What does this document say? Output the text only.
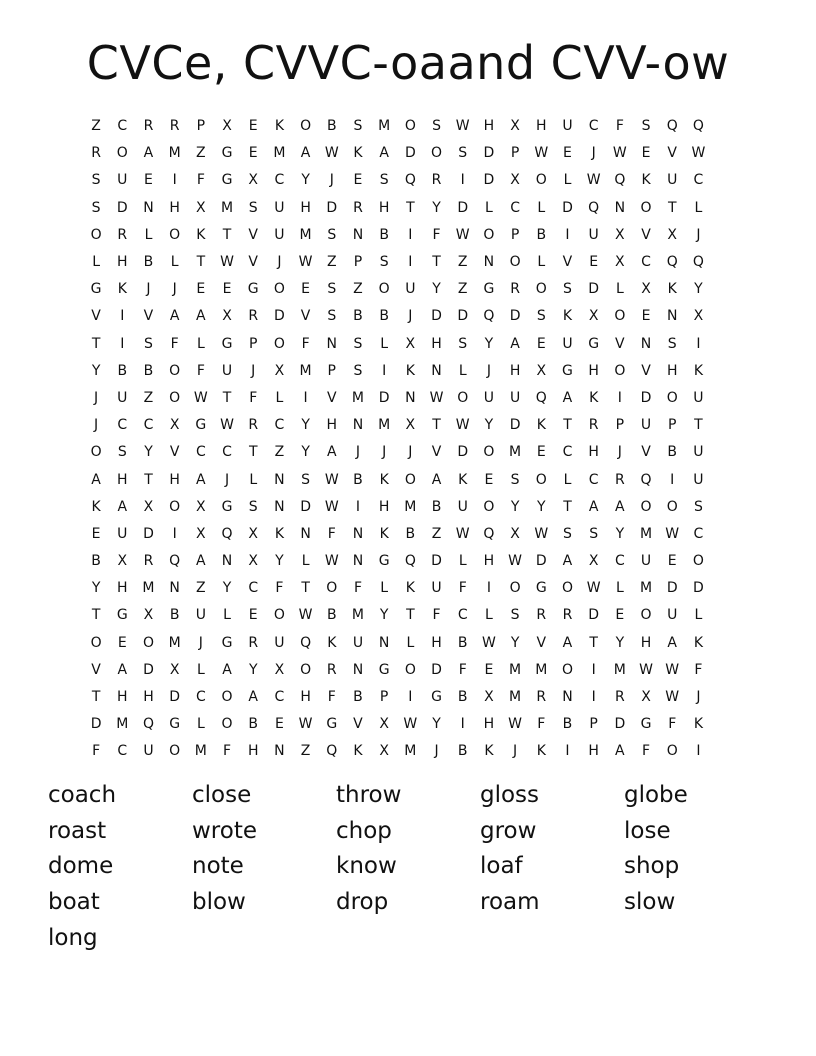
CVCe, CVVC-oaand CVV-ow
Z	C	R	R	P	X	E	K	O	B	S	M	O	S	W	H	X	H	U	C	F	S	Q	Q
R	O	A	M	Z	G	E	M	A	W	K	A	D	O	S	D	P	W	E	J	W	E	V	W
S	U	E	I	F	G	X	C	Y	J	E	S	Q	R	I	D	X	O	L	W Q	K	U	C
S	D	N	H	X	M	S	U	H	D	R	H	T	Y	D	L	C	L	D	Q	N	O	T	L
O	R	L	O	K	T	V	U	M	S	N	B	I	F	W O	P	B	I	U	X	V	X	J
L	H	B	L	T	W	V	J	W	Z	P	S	I	T	Z	N	O	L	V	E	X	C	Q	Q
G	K	J	J	E	E	G	O	E	S	Z	O	U	Y	Z	G	R	O	S	D	L	X	K	Y
V	I	V	A	A	X	R	D	V	S	B	B	J	D	D	Q	D	S	K	X	O	E	N	X
T	I	S	F	L	G	P	O	F	N	S	L	X	H	S	Y	A	E	U	G	V	N	S	I
Y	B	B	O	F	U	J	X	M	P	S	I	K	N	L	J	H	X	G	H	O	V	H	K
J	U	Z	O W	T	F	L	I	V	M	D	N	W O	U	U	Q	A	K	I	D	O	U
J	C	C	X	G W	R	C	Y	H	N	M	X	T	W	Y	D	K	T	R	P	U	P	T
O	S	Y	V	C	C	T	Z	Y	A	J	J	J	V	D	O	M	E	C	H	J	V	B	U
A	H	T	H	A	J	L	N	S	W	B	K	O	A	K	E	S	O	L	C	R	Q	I	U
K	A	X	O	X	G	S	N	D W	I	H	M	B	U	O	Y	Y	T	A	A	O	O	S
E	U	D	I	X	Q	X	K	N	F	N	K	B	Z	W Q	X	W	S	S	Y	M W	C
B	X	R	Q	A	N	X	Y	L	W	N	G	Q	D	L	H	W D	A	X	C	U	E	O
Y	H	M	N	Z	Y	C	F	T	O	F	L	K	U	F	I	O	G	O W	L	M	D	D
T	G	X	B	U	L	E	O W	B	M	Y	T	F	C	L	S	R	R	D	E	O	U	L
O	E	O	M	J	G	R	U	Q	K	U	N	L	H	B	W	Y	V	A	T	Y	H	A	K
V	A	D	X	L	A	Y	X	O	R	N	G	O	D	F	E	M	M	O	I	M W W	F
T	H	H	D	C	O	A	C	H	F	B	P	I	G	B	X	M	R	N	I	R	X	W	J
D	M	Q	G	L	O	B	E	W G	V	X	W	Y	I	H	W	F	B	P	D	G	F	K
F	C	U	O	M	F	H	N	Z	Q	K	X	M	J	B	K	J	K	I	H	A	F	O	I
coach	close	throw	gloss	globe
roast	wrote	chop	grow	lose
dome	note	know	loaf	shop
boat	blow	drop	roam	slow
long
